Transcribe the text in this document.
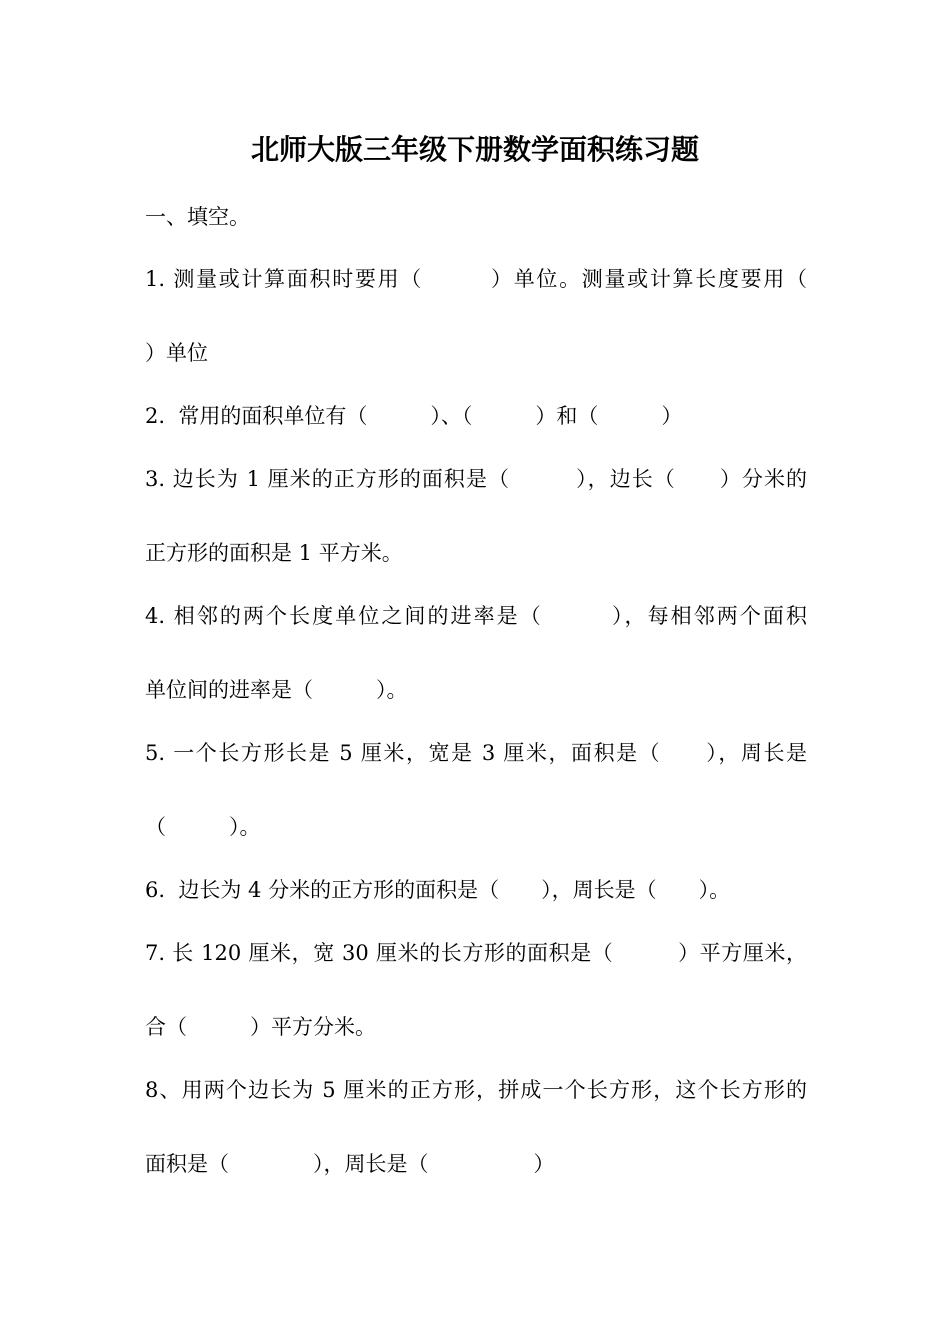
北师大版三年级下册数学面积练习题
一、填空。
1. 测量或计算面积时要用（　　　）单位。测量或计算长度要用（
）单位
2.  常用的面积单位有（　　　）、（　　　）和（　　　）
3. 边长为 1 厘米的正方形的面积是（　　　），边长（　　）分米的
正方形的面积是 1 平方米。
4. 相邻的两个长度单位之间的进率是（　　　），每相邻两个面积
单位间的进率是（　　　）。
5. 一个长方形长是 5 厘米，宽是 3 厘米，面积是（　　），周长是
（　　　）。
6.  边长为 4 分米的正方形的面积是（　　），周长是（　　）。
7. 长 120 厘米，宽 30 厘米的长方形的面积是（　　　）平方厘米，
合（　　　）平方分米。
8、用两个边长为 5 厘米的正方形，拼成一个长方形，这个长方形的
面积是（　　　　），周长是（　　　　　）
